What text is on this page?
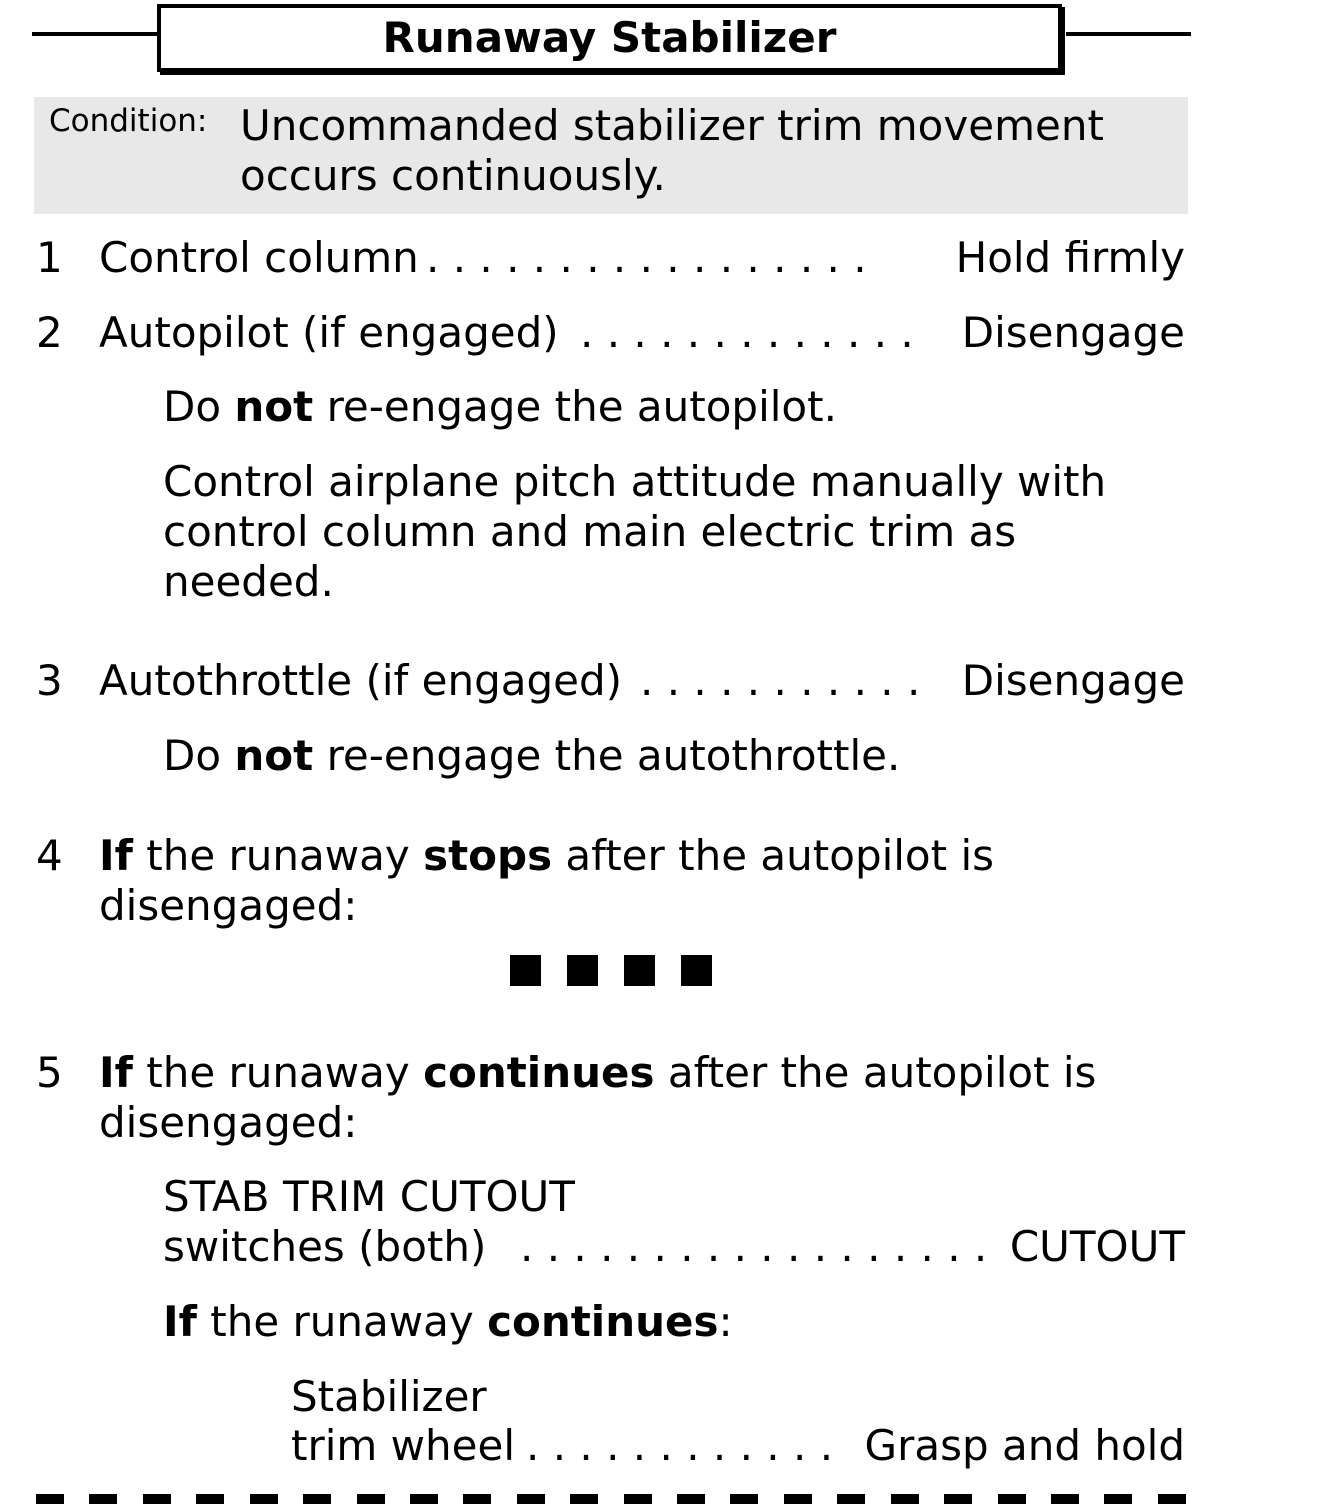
Runaway Stabilizer
Condition: Uncommanded stabilizer trim movement
occurs continuously.
1 Control column . . . . . . . . . . . . . . . . . Hold firmly
2 Autopilot (if engaged) . . . . . . . . . . . . . Disengage
Do not re-engage the autopilot.
Control airplane pitch attitude manually with
control column and main electric trim as
needed.
3 Autothrottle (if engaged) . . . . . . . . . . . Disengage
Do not re-engage the autothrottle.
4 If the runaway stops after the autopilot is
disengaged:
5 If the runaway continues after the autopilot is
disengaged:
STAB TRIM CUTOUT
switches (both) . . . . . . . . . . . . . . . . . . CUTOUT
If the runaway continues:
Stabilizer
trim wheel . . . . . . . . . . . . Grasp and hold
